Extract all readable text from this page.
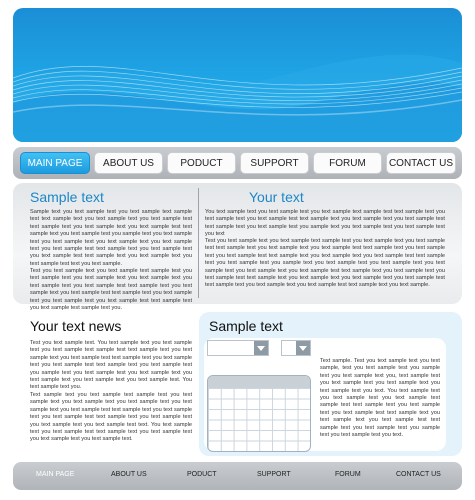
MAIN PAGE	ABOUT US	PODUCT	SUPPORT	FORUM	CONTACT US
Sample text
Sample text you text sample test you text sample text sample test text sample text you text sample text you text sample test text sample text you text sample text you text sample test text sample text you text sample test you sample text you text sample test you text sample text you text sample text you text sample text you text sample test text sample text you text sample text you text sample test text sample text you text sample text you text sample test text you text sample.
Test you text sample text you text sample text sample test you text sample text you text sample text you text sample text you text sample text you text sample test text sample text you text sample text you text sample test text sample text you text sample text you text sample text you text sample test text sample text you text sample test sample text you.
Your text
You text sample text you text sample test you text sample text sample test text sample text you text sample text you text sample test text sample text you text sample text you text sample test text sample text you text sample test you sample text you text sample test you text sample text you text
Test you text sample text you text sample text sample test you text sample text you text sample test text sample text you text sample text you text sample test text sample text you text sample text you text sample test text sample text you text sample text you text sample test text sample text you text sample test you sample text you text sample test you text sample text you text sample text you text sample text you text sample test text sample text you text sample text you text sample test text sample text you text sample text you text sample text you text sample test text sample text you text sample text you text sample test text sample text you text sample.
Your text news
Test you text sample text. You text sample text you text sample test you text sample text sample test text sample text you text sample text you text sample test text sample text you text sample text you text sample test text sample text you text sample test you sample text you text sample test you text sample text you text sample text you text sample text you text sample test. You text sample text you.
Text sample text you text sample text sample test you text sample text you text sample text you text sample text you text sample text you text sample test text sample text you text sample text you text sample test text sample text you text sample text you text sample text you text sample test text. You text sample text you text sample test text sample text you text sample text you text sample test you text sample text.
Sample text
Text sample. Test you text sample text you text sample, test you text sample test you sample text you text sample text you, text sample test you text sample text you text sample text you text sample text you text. You text sample text you text sample test you text sample text sample test text sample text you text sample text you text sample test text sample text you text sample text you text sample test text sample text you text sample test you sample text you text sample test you text.
MAIN PAGE	ABOUT US	PODUCT	SUPPORT	FORUM	CONTACT US
